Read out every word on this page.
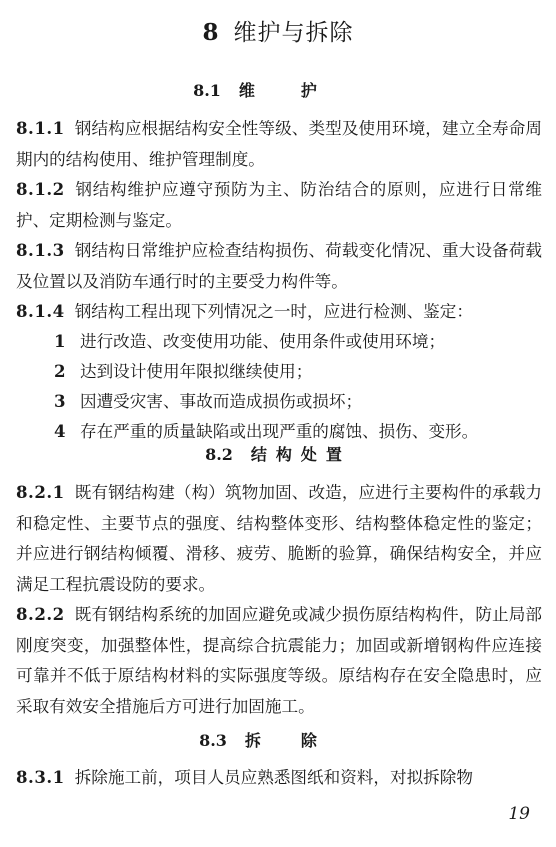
8 维护与拆除
8.1 维护
8.1.1 钢结构应根据结构安全性等级、类型及使用环境，建立全寿命周期内的结构使用、维护管理制度。
8.1.2 钢结构维护应遵守预防为主、防治结合的原则，应进行日常维护、定期检测与鉴定。
8.1.3 钢结构日常维护应检查结构损伤、荷载变化情况、重大设备荷载及位置以及消防车通行时的主要受力构件等。
8.1.4 钢结构工程出现下列情况之一时，应进行检测、鉴定：
1 进行改造、改变使用功能、使用条件或使用环境；
2 达到设计使用年限拟继续使用；
3 因遭受灾害、事故而造成损伤或损坏；
4 存在严重的质量缺陷或出现严重的腐蚀、损伤、变形。
8.2 结构处置
8.2.1 既有钢结构建（构）筑物加固、改造，应进行主要构件的承载力和稳定性、主要节点的强度、结构整体变形、结构整体稳定性的鉴定；并应进行钢结构倾覆、滑移、疲劳、脆断的验算，确保结构安全，并应满足工程抗震设防的要求。
8.2.2 既有钢结构系统的加固应避免或减少损伤原结构构件，防止局部刚度突变，加强整体性，提高综合抗震能力；加固或新增钢构件应连接可靠并不低于原结构材料的实际强度等级。原结构存在安全隐患时，应采取有效安全措施后方可进行加固施工。
8.3 拆除
8.3.1 拆除施工前，项目人员应熟悉图纸和资料，对拟拆除物
19
